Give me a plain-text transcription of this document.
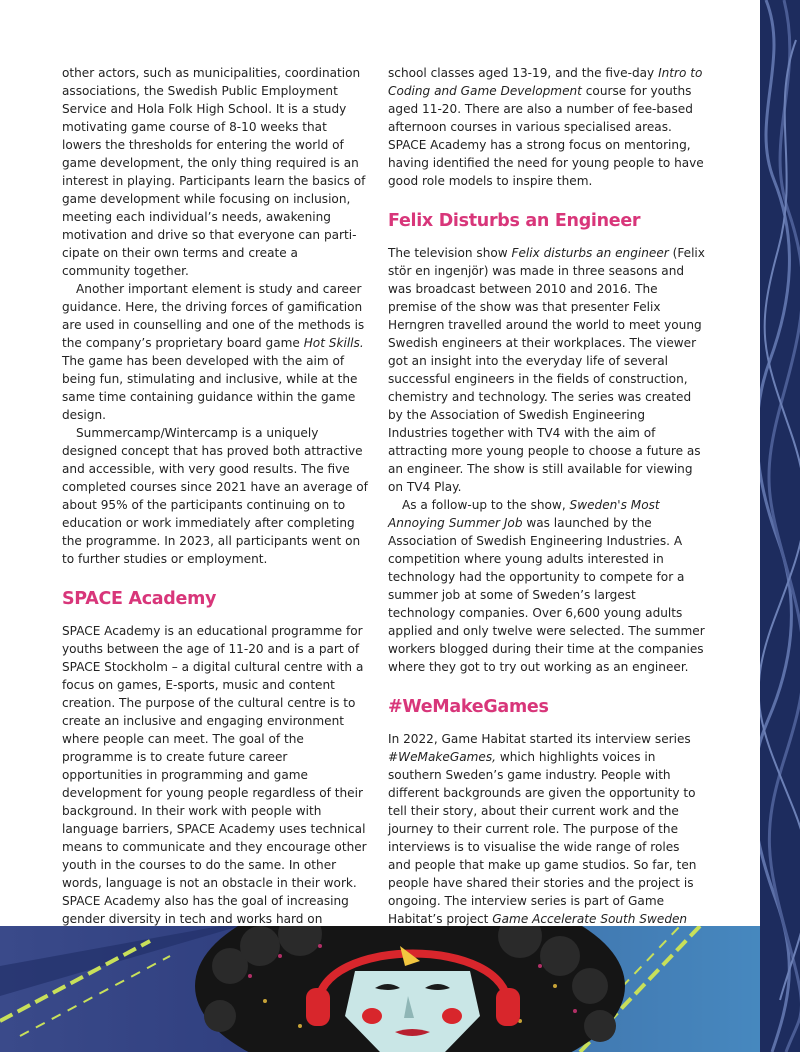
other actors, such as municipalities, coordination associations, the Swedish Public Employment Service and Hola Folk High School. It is a study motivating game course of 8-10 weeks that lowers the thresholds for entering the world of game development, the only thing required is an interest in playing. Participants learn the basics of game development while focusing on inclusion, meeting each individual’s needs, awakening motivation and drive so that everyone can participate on their own terms and create a community together.

Another important element is study and career guidance. Here, the driving forces of gamification are used in counselling and one of the methods is the company’s proprietary board game Hot Skills. The game has been developed with the aim of being fun, stimulating and inclusive, while at the same time containing guidance within the game design.

Summercamp/Wintercamp is a uniquely designed concept that has proved both attractive and accessible, with very good results. The five completed courses since 2021 have an average of about 95% of the participants continuing on to education or work immediately after completing the programme. In 2023, all participants went on to further studies or employment.

SPACE Academy

SPACE Academy is an educational programme for youths between the age of 11-20 and is a part of SPACE Stockholm – a digital cultural centre with a focus on games, E-sports, music and content creation. The purpose of the cultural centre is to create an inclusive and engaging environment where people can meet. The goal of the programme is to create future career opportunities in programming and game development for young people regardless of their background. In their work with people with language barriers, SPACE Academy uses technical means to communicate and they encourage other youth in the courses to do the same. In other words, language is not an obstacle in their work. SPACE Academy also has the goal of increasing gender diversity in tech and works hard on

school classes aged 13-19, and the five-day Intro to Coding and Game Development course for youths aged 11-20. There are also a number of fee-based afternoon courses in various specialised areas. SPACE Academy has a strong focus on mentoring, having identified the need for young people to have good role models to inspire them.

Felix Disturbs an Engineer

The television show Felix disturbs an engineer (Felix stör en ingenjör) was made in three seasons and was broadcast between 2010 and 2016. The premise of the show was that presenter Felix Herngren travelled around the world to meet young Swedish engineers at their workplaces. The viewer got an insight into the everyday life of several successful engineers in the fields of construction, chemistry and technology. The series was created by the Association of Swedish Engineering Industries together with TV4 with the aim of attracting more young people to choose a future as an engineer. The show is still available for viewing on TV4 Play.

As a follow-up to the show, Sweden's Most Annoying Summer Job was launched by the Association of Swedish Engineering Industries. A competition where young adults interested in technology had the opportunity to compete for a summer job at some of Sweden’s largest technology companies. Over 6,600 young adults applied and only twelve were selected. The summer workers blogged during their time at the companies where they got to try out working as an engineer.

#WeMakeGames

In 2022, Game Habitat started its interview series #WeMakeGames, which highlights voices in southern Sweden’s game industry. People with different backgrounds are given the opportunity to tell their story, about their current work and the journey to their current role. The purpose of the interviews is to visualise the wide range of roles and people that make up game studios. So far, ten people have shared their stories and the project is ongoing. The interview series is part of Game Habitat’s project Game Accelerate South Sweden
